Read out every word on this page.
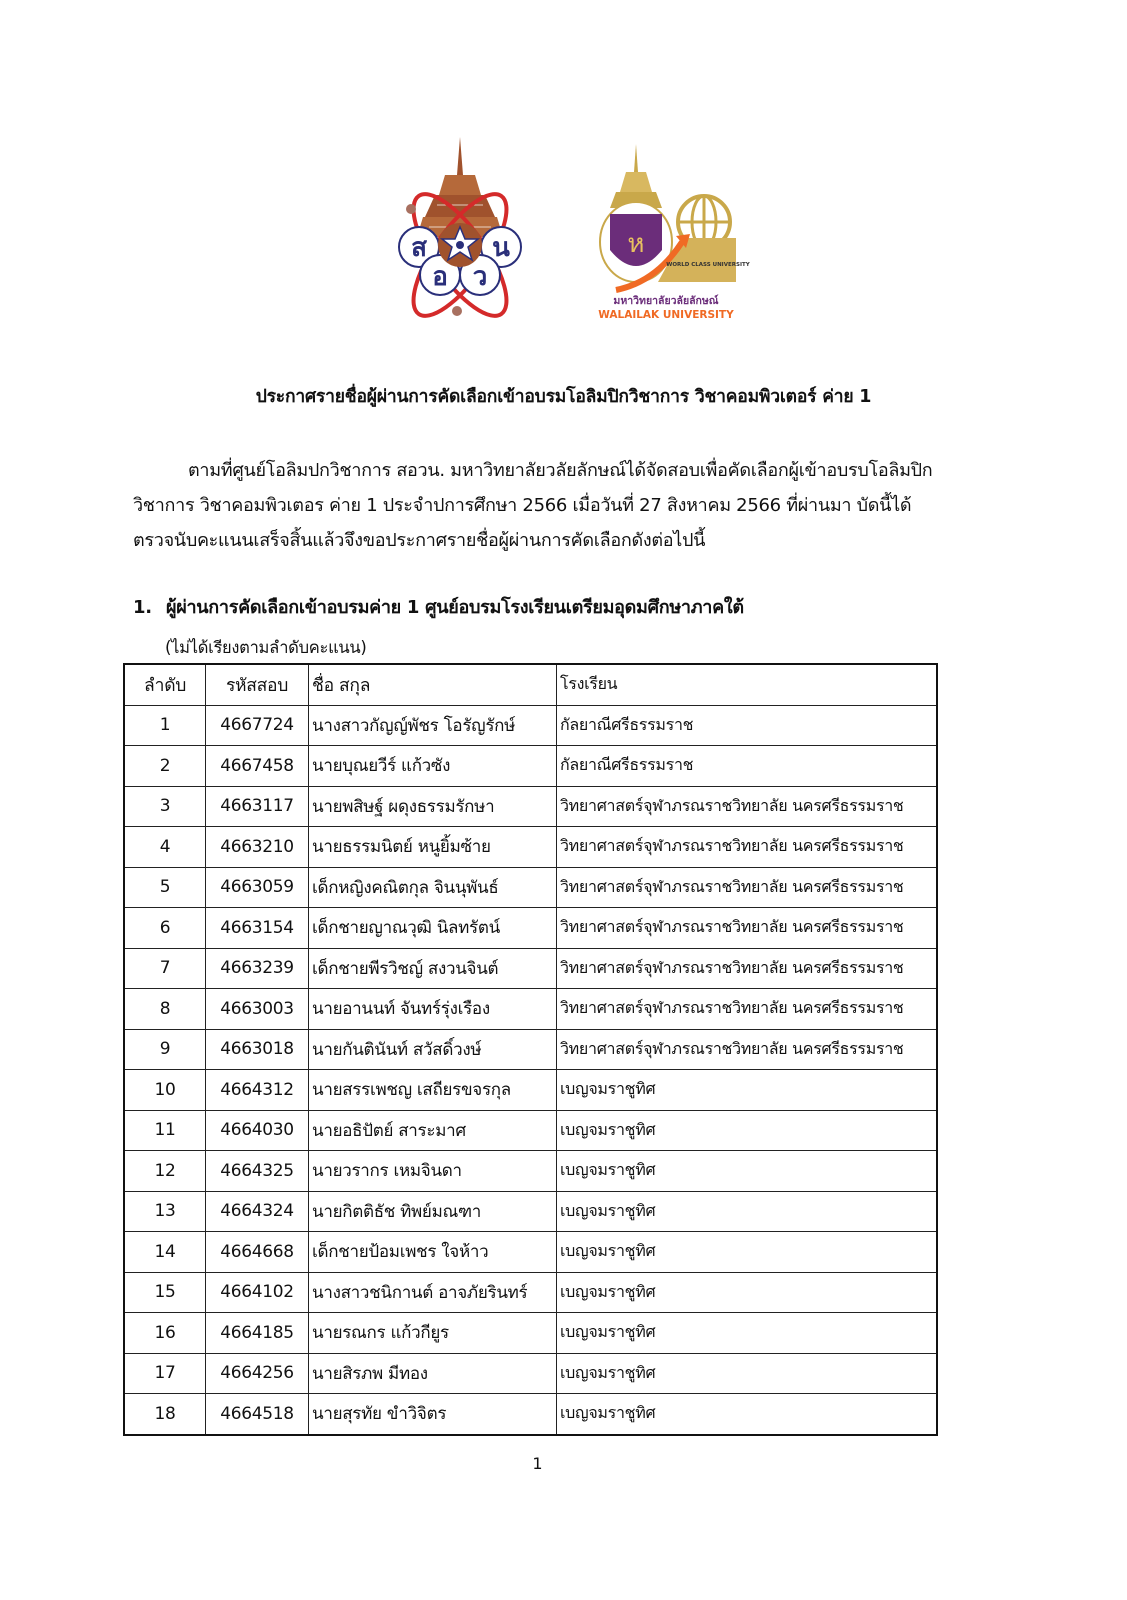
ส	น
อ ว
ห
WORLD CLASS UNIVERSITY
มหาวิทยาลัยวลัยลักษณ์
WALAILAK UNIVERSITY
ประกาศรายชื่อผู้ผ่านการคัดเลือกเข้าอบรมโอลิมปิกวิชาการ วิชาคอมพิวเตอร์ ค่าย 1
ตามที่ศูนย์โอลิมปกวิชาการ สอวน. มหาวิทยาลัยวลัยลักษณ์ได้จัดสอบเพื่อคัดเลือกผู้เข้าอบรบโอลิมปิกวิชาการ วิชาคอมพิวเตอร ค่าย 1 ประจำปการศึกษา 2566 เมื่อวันที่ 27 สิงหาคม 2566 ที่ผ่านมา บัดนี้ได้ตรวจนับคะแนนเสร็จสิ้นแล้วจึงขอประกาศรายชื่อผู้ผ่านการคัดเลือกดังต่อไปนี้
1. ผู้ผ่านการคัดเลือกเข้าอบรมค่าย 1 ศูนย์อบรมโรงเรียนเตรียมอุดมศึกษาภาคใต้
(ไม่ได้เรียงตามลำดับคะแนน)
ลำดับ	รหัสสอบ	ชื่อ สกุล	โรงเรียน
1	4667724	นางสาวกัญญ์พัชร โอรัญรักษ์	กัลยาณีศรีธรรมราช
2	4667458	นายบุณยวีร์ แก้วซัง	กัลยาณีศรีธรรมราช
3	4663117	นายพสิษฐ์ ผดุงธรรมรักษา	วิทยาศาสตร์จุฬาภรณราชวิทยาลัย นครศรีธรรมราช
4	4663210	นายธรรมนิตย์ หนูยิ้มซ้าย	วิทยาศาสตร์จุฬาภรณราชวิทยาลัย นครศรีธรรมราช
5	4663059	เด็กหญิงคณิตกุล จินนุพันธ์	วิทยาศาสตร์จุฬาภรณราชวิทยาลัย นครศรีธรรมราช
6	4663154	เด็กชายญาณวุฒิ นิลทรัตน์	วิทยาศาสตร์จุฬาภรณราชวิทยาลัย นครศรีธรรมราช
7	4663239	เด็กชายพีรวิชญ์ สงวนจินต์	วิทยาศาสตร์จุฬาภรณราชวิทยาลัย นครศรีธรรมราช
8	4663003	นายอานนท์ จันทร์รุ่งเรือง	วิทยาศาสตร์จุฬาภรณราชวิทยาลัย นครศรีธรรมราช
9	4663018	นายกันตินันท์ สวัสดิ์วงษ์	วิทยาศาสตร์จุฬาภรณราชวิทยาลัย นครศรีธรรมราช
10	4664312	นายสรรเพชญ เสถียรขจรกุล	เบญจมราชูทิศ
11	4664030	นายอธิปัตย์ สาระมาศ	เบญจมราชูทิศ
12	4664325	นายวรากร เหมจินดา	เบญจมราชูทิศ
13	4664324	นายกิตติธัช ทิพย์มณฑา	เบญจมราชูทิศ
14	4664668	เด็กชายป้อมเพชร ใจห้าว	เบญจมราชูทิศ
15	4664102	นางสาวชนิกานต์ อาจภัยรินทร์	เบญจมราชูทิศ
16	4664185	นายรณกร แก้วกียูร	เบญจมราชูทิศ
17	4664256	นายสิรภพ มีทอง	เบญจมราชูทิศ
18	4664518	นายสุรทัย ขำวิจิตร	เบญจมราชูทิศ
1
